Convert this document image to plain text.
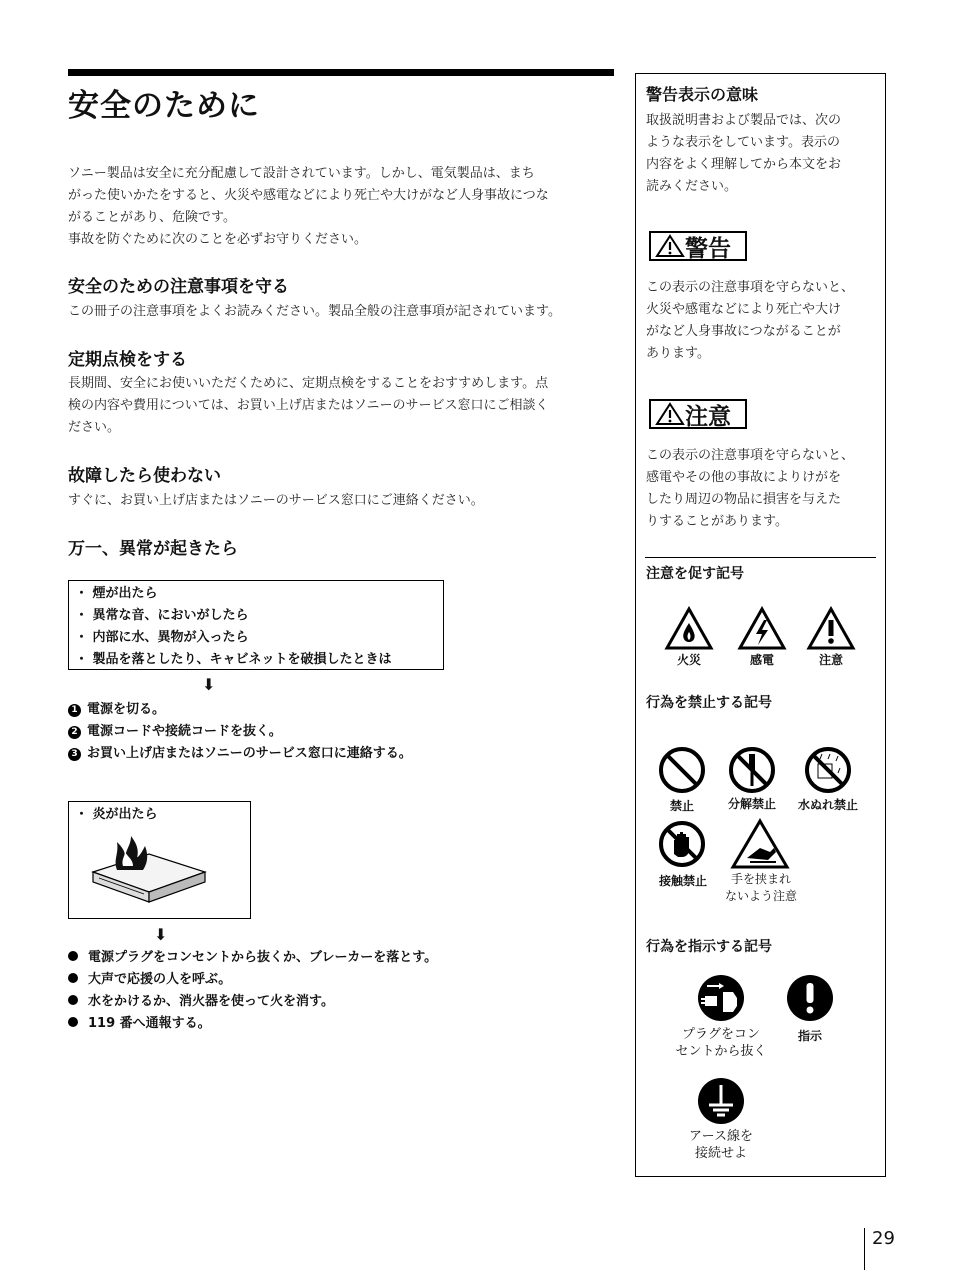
安全のために
ソニー製品は安全に充分配慮して設計されています。しかし、電気製品は、まち
がった使いかたをすると、火災や感電などにより死亡や大けがなど人身事故につな
がることがあり、危険です。
事故を防ぐために次のことを必ずお守りください。
安全のための注意事項を守る
この冊子の注意事項をよくお読みください。製品全般の注意事項が記されています。
定期点検をする
長期間、安全にお使いいただくために、定期点検をすることをおすすめします。点
検の内容や費用については、お買い上げ店またはソニーのサービス窓口にご相談く
ださい。
故障したら使わない
すぐに、お買い上げ店またはソニーのサービス窓口にご連絡ください。
万一、異常が起きたら
・ 煙が出たら
・ 異常な音、においがしたら
・ 内部に水、異物が入ったら
・ 製品を落としたり、キャビネットを破損したときは
⬇
1 電源を切る。
2 電源コードや接続コードを抜く。
3 お買い上げ店またはソニーのサービス窓口に連絡する。
・ 炎が出たら
⬇
電源プラグをコンセントから抜くか、ブレーカーを落とす。
大声で応援の人を呼ぶ。
水をかけるか、消火器を使って火を消す。
119 番へ通報する。
警告表示の意味
取扱説明書および製品では、次の
ような表示をしています。表示の
内容をよく理解してから本文をお
読みください。
警告
この表示の注意事項を守らないと、
火災や感電などにより死亡や大け
がなど人身事故につながることが
あります。
注意
この表示の注意事項を守らないと、
感電やその他の事故によりけがを
したり周辺の物品に損害を与えた
りすることがあります。
注意を促す記号
火災	感電	注意
行為を禁止する記号
禁止	分解禁止	水ぬれ禁止
接触禁止	手を挟まれ
ないよう注意
行為を指示する記号
プラグをコン
セントから抜く
指示
アース線を
接続せよ
29
